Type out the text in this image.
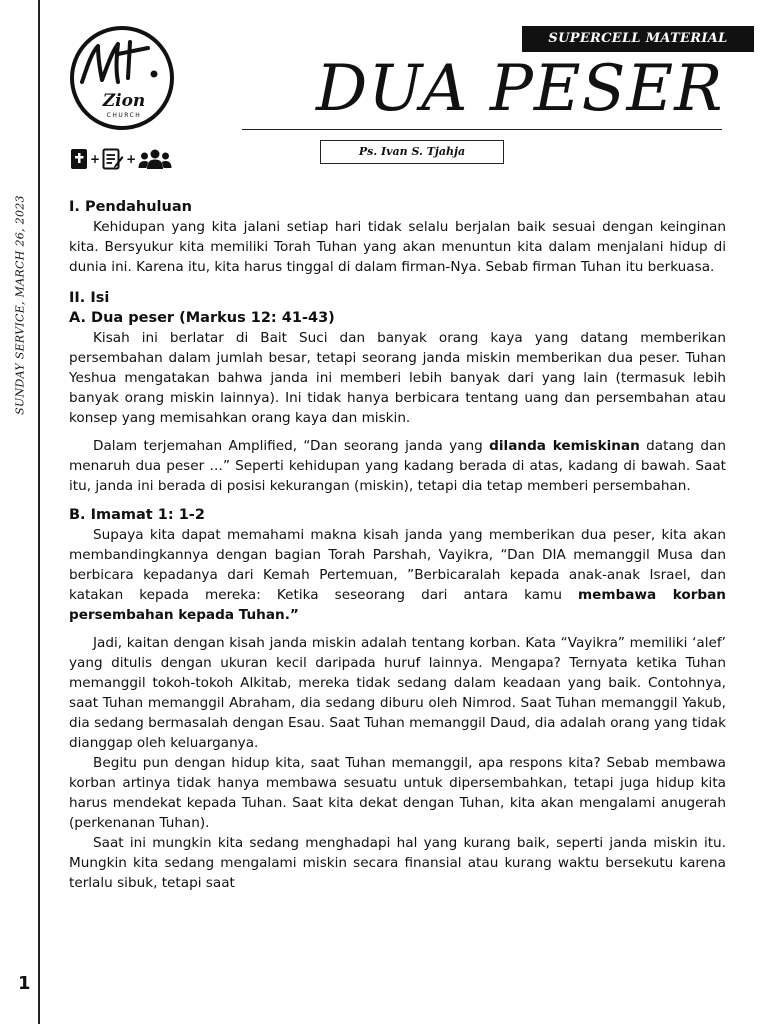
SUNDAY SERVICE, MARCH 26, 2023
1
SUPERCELL MATERIAL
DUA PESER
Ps. Ivan S. Tjahja
Zion
CHURCH
+ +
I. Pendahuluan

Kehidupan yang kita jalani setiap hari tidak selalu berjalan baik sesuai dengan keinginan kita. Bersyukur kita memiliki Torah Tuhan yang akan menuntun kita dalam menjalani hidup di dunia ini. Karena itu, kita harus tinggal di dalam firman-Nya. Sebab firman Tuhan itu berkuasa.

II. Isi
A. Dua peser (Markus 12: 41-43)

Kisah ini berlatar di Bait Suci dan banyak orang kaya yang datang memberikan persembahan dalam jumlah besar, tetapi seorang janda miskin memberikan dua peser. Tuhan Yeshua mengatakan bahwa janda ini memberi lebih banyak dari yang lain (termasuk lebih banyak orang miskin lainnya). Ini tidak hanya berbicara tentang uang dan persembahan atau konsep yang memisahkan orang kaya dan miskin.

Dalam terjemahan Amplified, “Dan seorang janda yang dilanda kemiskinan datang dan menaruh dua peser …” Seperti kehidupan yang kadang berada di atas, kadang di bawah. Saat itu, janda ini berada di posisi kekurangan (miskin), tetapi dia tetap memberi persembahan.

B. Imamat 1: 1-2

Supaya kita dapat memahami makna kisah janda yang memberikan dua peser, kita akan membandingkannya dengan bagian Torah Parshah, Vayikra, “Dan DIA memanggil Musa dan berbicara kepadanya dari Kemah Pertemuan, ”Berbicaralah kepada anak-anak Israel, dan katakan kepada mereka: Ketika seseorang dari antara kamu membawa korban persembahan kepada Tuhan.”

Jadi, kaitan dengan kisah janda miskin adalah tentang korban. Kata “Vayikra” memiliki ‘alef’ yang ditulis dengan ukuran kecil daripada huruf lainnya. Mengapa? Ternyata ketika Tuhan memanggil tokoh-tokoh Alkitab, mereka tidak sedang dalam keadaan yang baik. Contohnya, saat Tuhan memanggil Abraham, dia sedang diburu oleh Nimrod. Saat Tuhan memanggil Yakub, dia sedang bermasalah dengan Esau. Saat Tuhan memanggil Daud, dia adalah orang yang tidak dianggap oleh keluarganya.

Begitu pun dengan hidup kita, saat Tuhan memanggil, apa respons kita? Sebab membawa korban artinya tidak hanya membawa sesuatu untuk dipersembahkan, tetapi juga hidup kita harus mendekat kepada Tuhan. Saat kita dekat dengan Tuhan, kita akan mengalami anugerah (perkenanan Tuhan).

Saat ini mungkin kita sedang menghadapi hal yang kurang baik, seperti janda miskin itu. Mungkin kita sedang mengalami miskin secara finansial atau kurang waktu bersekutu karena terlalu sibuk, tetapi saat
